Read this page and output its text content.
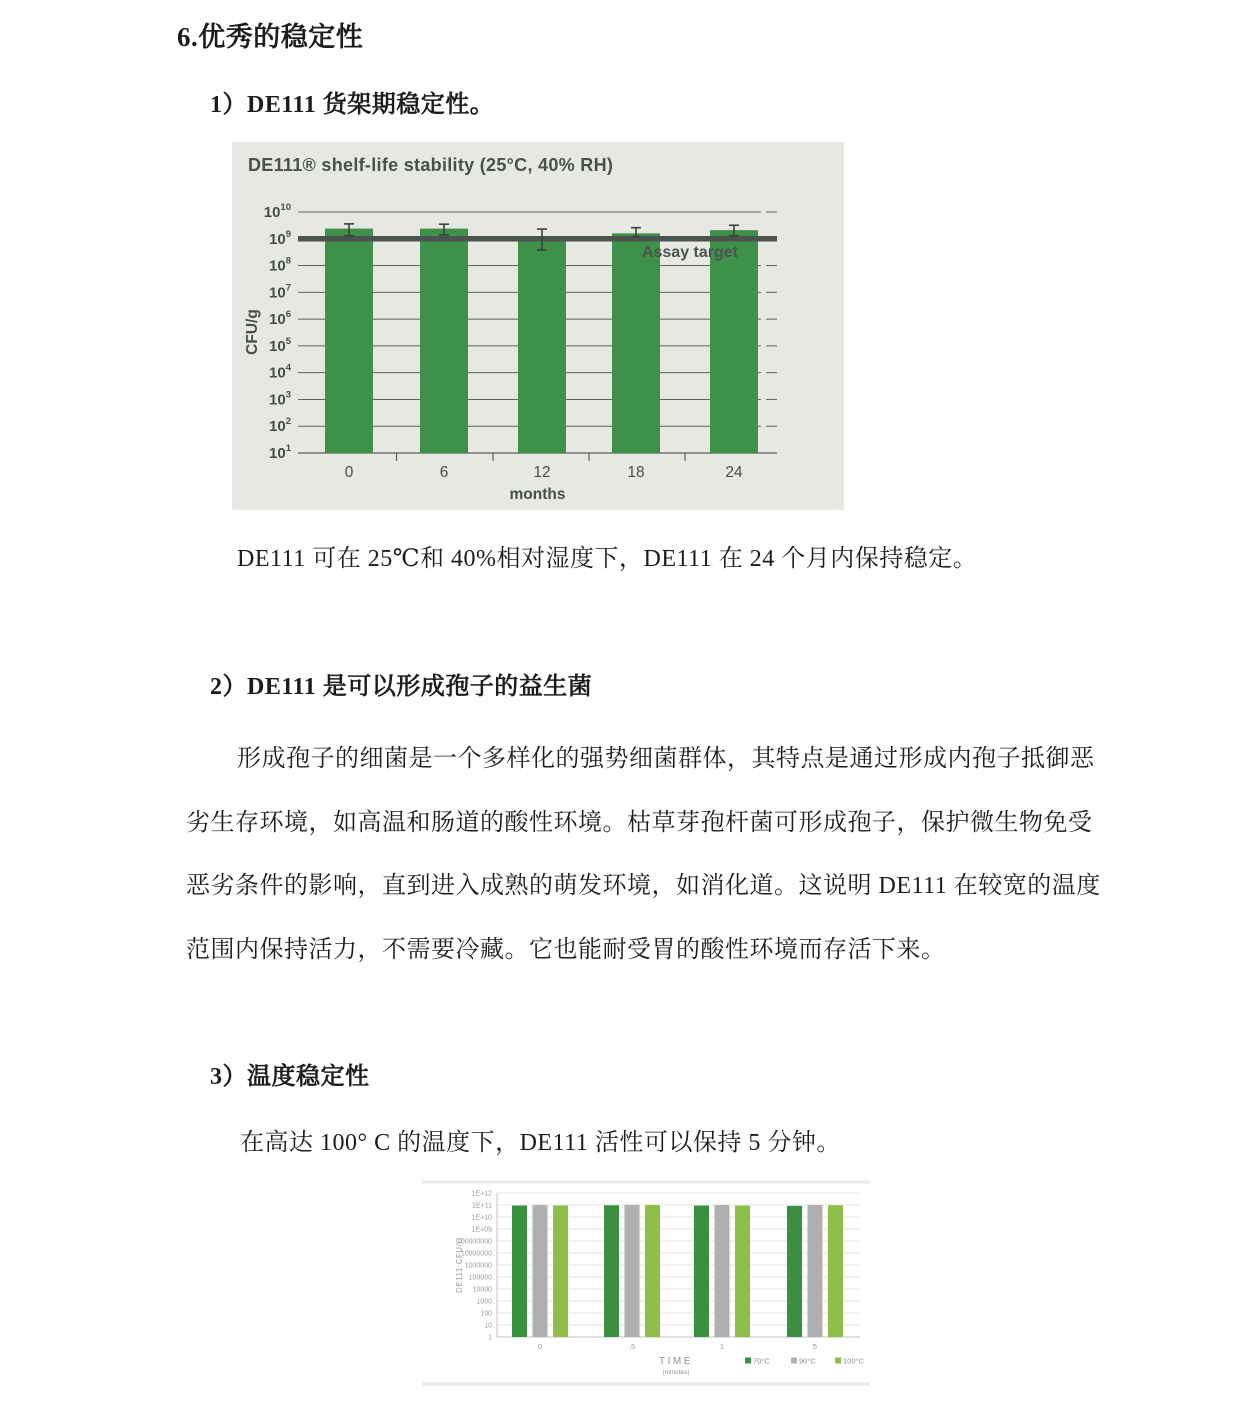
6.优秀的稳定性
1）DE111 货架期稳定性。
DE111® shelf-life stability (25°C, 40% RH)
$10^{10}$
$10^9$
$10^8$
$10^7$
$10^6$
$10^5$
$10^4$
$10^3$
$10^2$
$10^1$
Assay target
0	6	12	18	24
months
CFU/g
DE111 可在 25℃和 40%相对湿度下，DE111 在 24 个月内保持稳定。
2）DE111 是可以形成孢子的益生菌
形成孢子的细菌是一个多样化的强势细菌群体，其特点是通过形成内孢子抵御恶
劣生存环境，如高温和肠道的酸性环境。枯草芽孢杆菌可形成孢子，保护微生物免受
恶劣条件的影响，直到进入成熟的萌发环境，如消化道。这说明 DE111 在较宽的温度
范围内保持活力，不需要冷藏。它也能耐受胃的酸性环境而存活下来。
3）温度稳定性
在高达 100° C 的温度下，DE111 活性可以保持 5 分钟。
1E+12
1E+11
1E+10
1E+09
100000000
10000000
1000000
100000
10000
1000
100
10
1
0	.5	1	5
TIME
(minutes)
DE111 CFU/G
70°C	90°C	100°C
